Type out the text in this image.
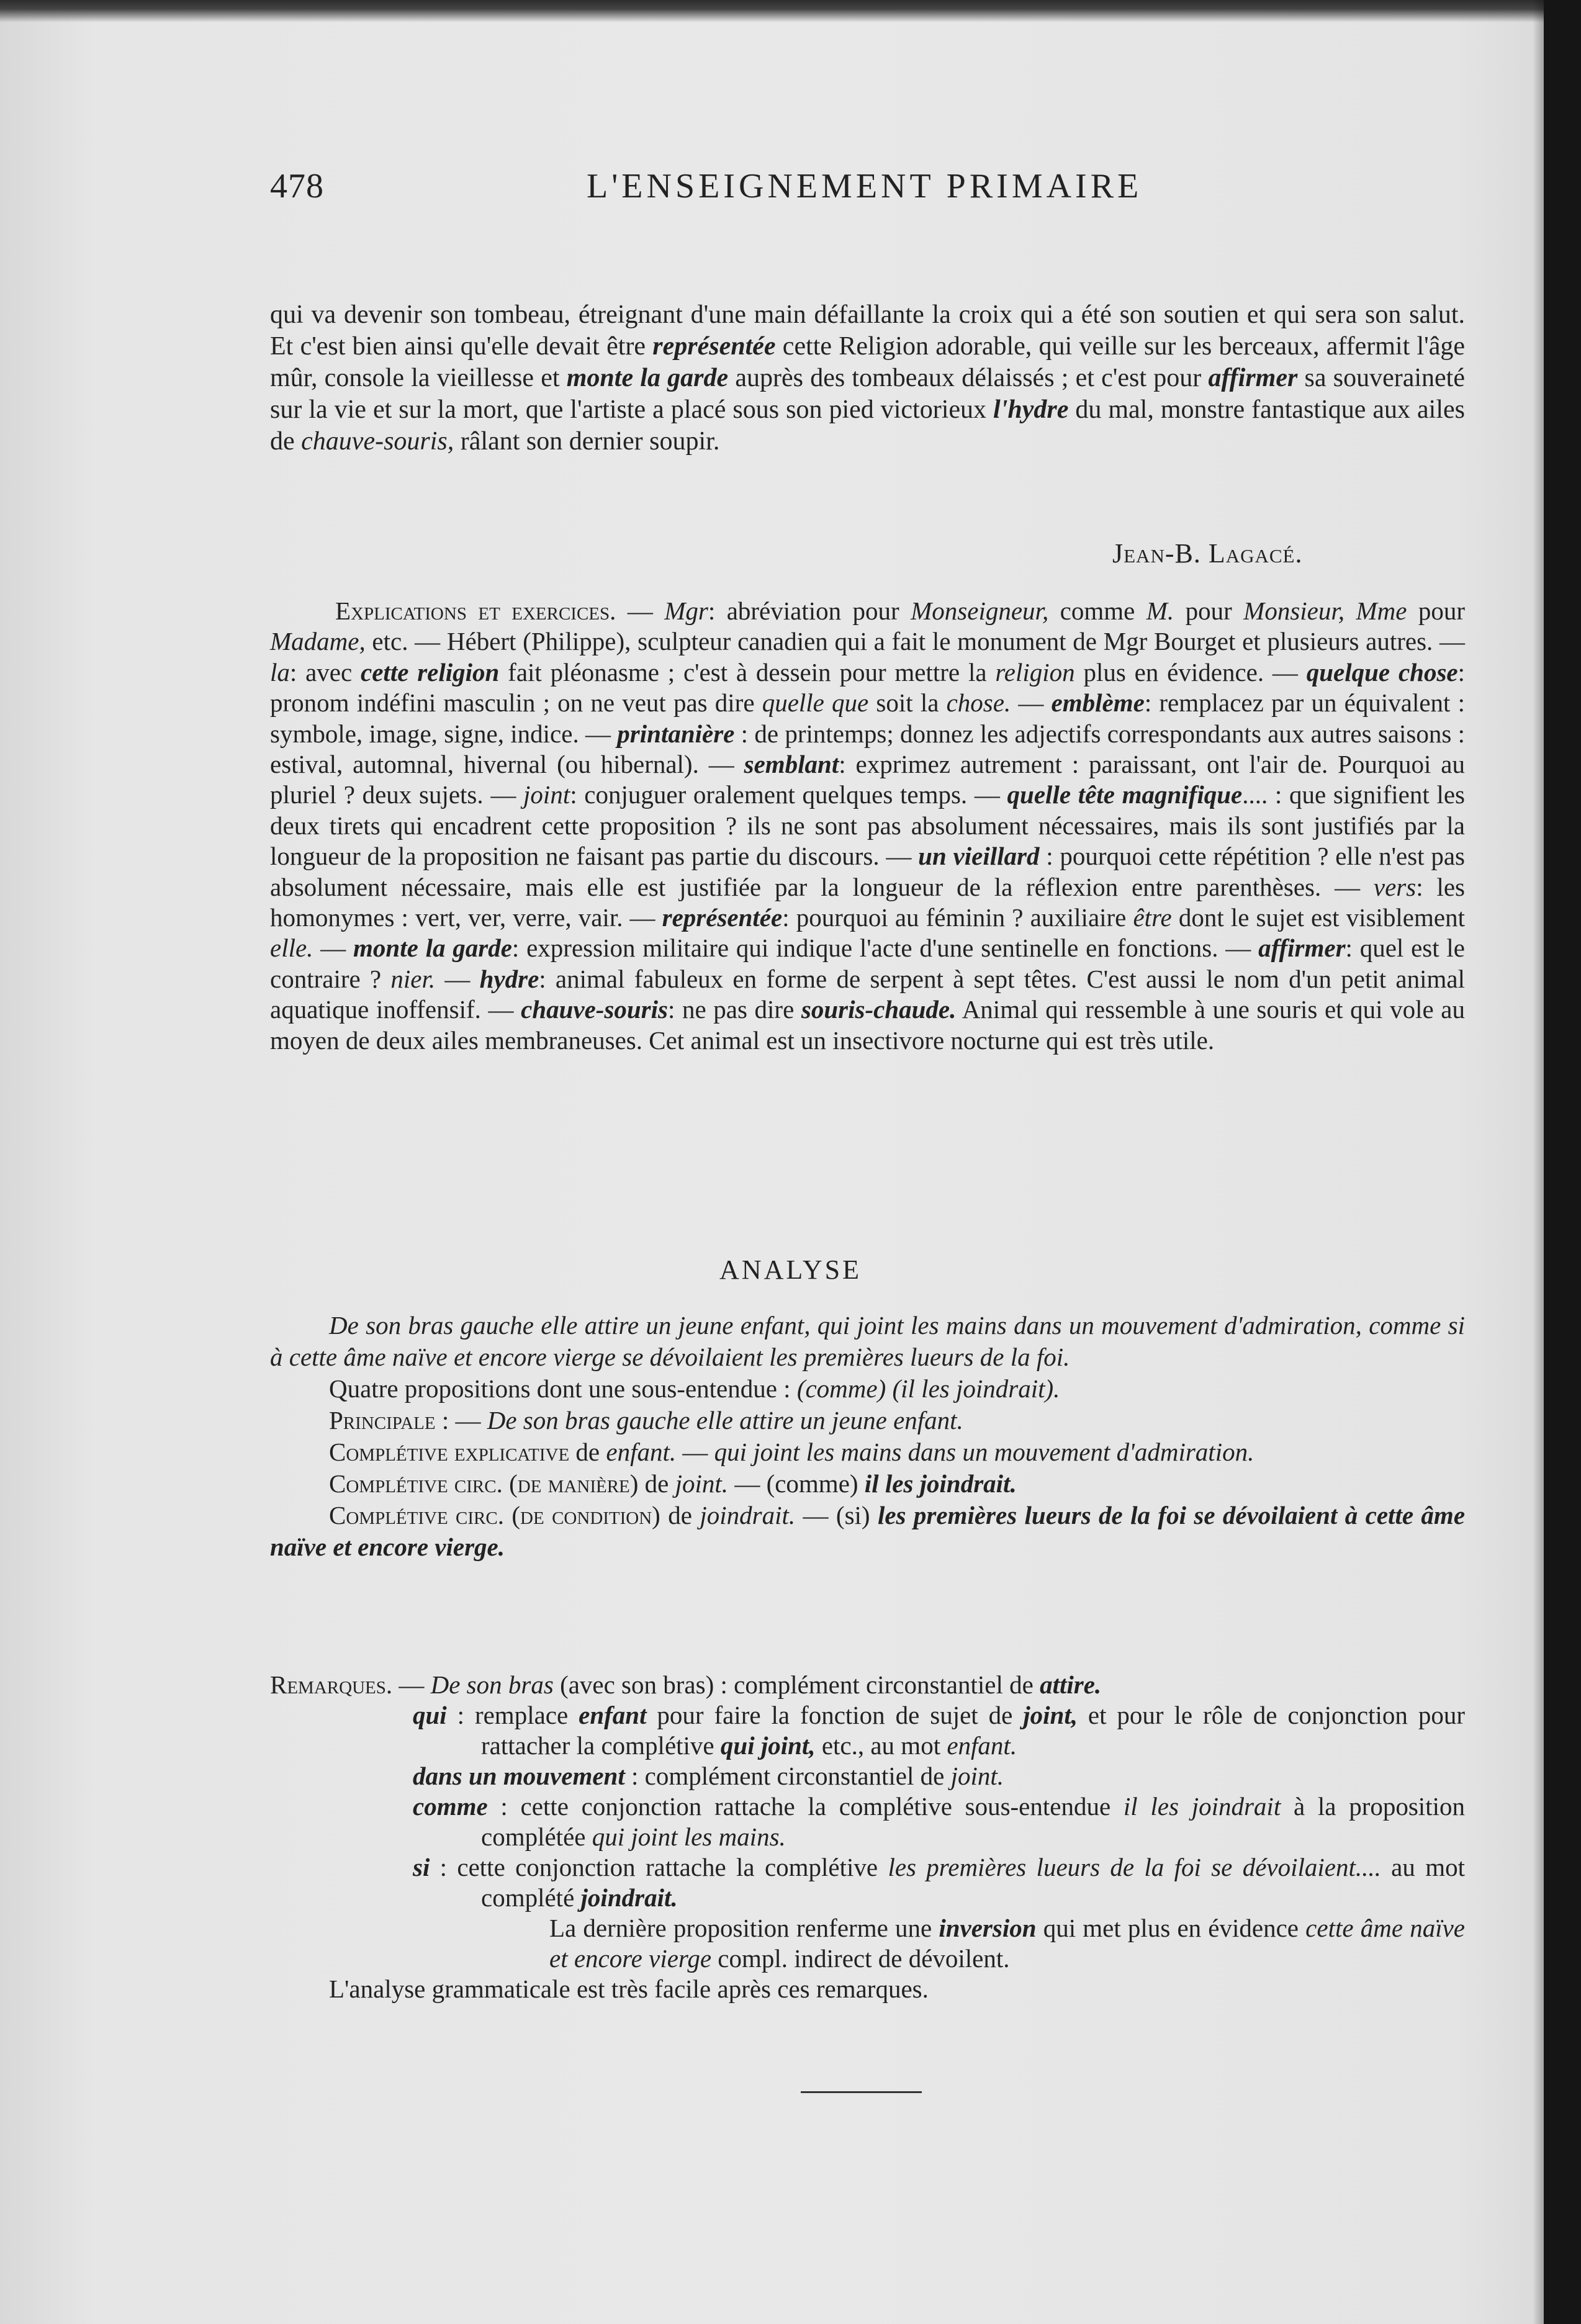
478	L'ENSEIGNEMENT PRIMAIRE
qui va devenir son tombeau, étreignant d'une main défaillante la croix qui a été son soutien et qui sera son salut. Et c'est bien ainsi qu'elle devait être représentée cette Religion adorable, qui veille sur les berceaux, affermit l'âge mûr, console la vieillesse et monte la garde auprès des tombeaux délaissés ; et c'est pour affirmer sa souveraineté sur la vie et sur la mort, que l'artiste a placé sous son pied victorieux l'hydre du mal, monstre fantastique aux ailes de chauve-souris, râlant son dernier soupir.
Jean-B. Lagacé.
Explications et exercices. — Mgr: abréviation pour Monseigneur, comme M. pour Monsieur, Mme pour Madame, etc. — Hébert (Philippe), sculpteur canadien qui a fait le monument de Mgr Bourget et plusieurs autres. — la: avec cette religion fait pléonasme ; c'est à dessein pour mettre la religion plus en évidence. — quelque chose: pronom indéfini masculin ; on ne veut pas dire quelle que soit la chose. — emblème: remplacez par un équivalent : symbole, image, signe, indice. — printanière : de printemps; donnez les adjectifs correspondants aux autres saisons : estival, automnal, hivernal (ou hibernal). — semblant: exprimez autrement : paraissant, ont l'air de. Pourquoi au pluriel ? deux sujets. — joint: conjuguer oralement quelques temps. — quelle tête magnifique.... : que signifient les deux tirets qui encadrent cette proposition ? ils ne sont pas absolument nécessaires, mais ils sont justifiés par la longueur de la proposition ne faisant pas partie du discours. — un vieillard : pourquoi cette répétition ? elle n'est pas absolument nécessaire, mais elle est justifiée par la longueur de la réflexion entre parenthèses. — vers: les homonymes : vert, ver, verre, vair. — représentée: pourquoi au féminin ? auxiliaire être dont le sujet est visiblement elle. — monte la garde: expression militaire qui indique l'acte d'une sentinelle en fonctions. — affirmer: quel est le contraire ? nier. — hydre: animal fabuleux en forme de serpent à sept têtes. C'est aussi le nom d'un petit animal aquatique inoffensif. — chauve-souris: ne pas dire souris-chaude. Animal qui ressemble à une souris et qui vole au moyen de deux ailes membraneuses. Cet animal est un insectivore nocturne qui est très utile.
ANALYSE

De son bras gauche elle attire un jeune enfant, qui joint les mains dans un mouvement d'admiration, comme si à cette âme naïve et encore vierge se dévoilaient les premières lueurs de la foi.

Quatre propositions dont une sous-entendue : (comme) (il les joindrait).

Principale : — De son bras gauche elle attire un jeune enfant.

Complétive explicative de enfant. — qui joint les mains dans un mouvement d'admiration.

Complétive circ. (de manière) de joint. — (comme) il les joindrait.

Complétive circ. (de condition) de joindrait. — (si) les premières lueurs de la foi se dévoilaient à cette âme naïve et encore vierge.

Remarques. — De son bras (avec son bras) : complément circonstantiel de attire.

qui : remplace enfant pour faire la fonction de sujet de joint, et pour le rôle de conjonction pour rattacher la complétive qui joint, etc., au mot enfant.

dans un mouvement : complément circonstantiel de joint.

comme : cette conjonction rattache la complétive sous-entendue il les joindrait à la proposition complétée qui joint les mains.

si : cette conjonction rattache la complétive les premières lueurs de la foi se dévoilaient.... au mot complété joindrait.

La dernière proposition renferme une inversion qui met plus en évidence cette âme naïve et encore vierge compl. indirect de dévoilent.

L'analyse grammaticale est très facile après ces remarques.
